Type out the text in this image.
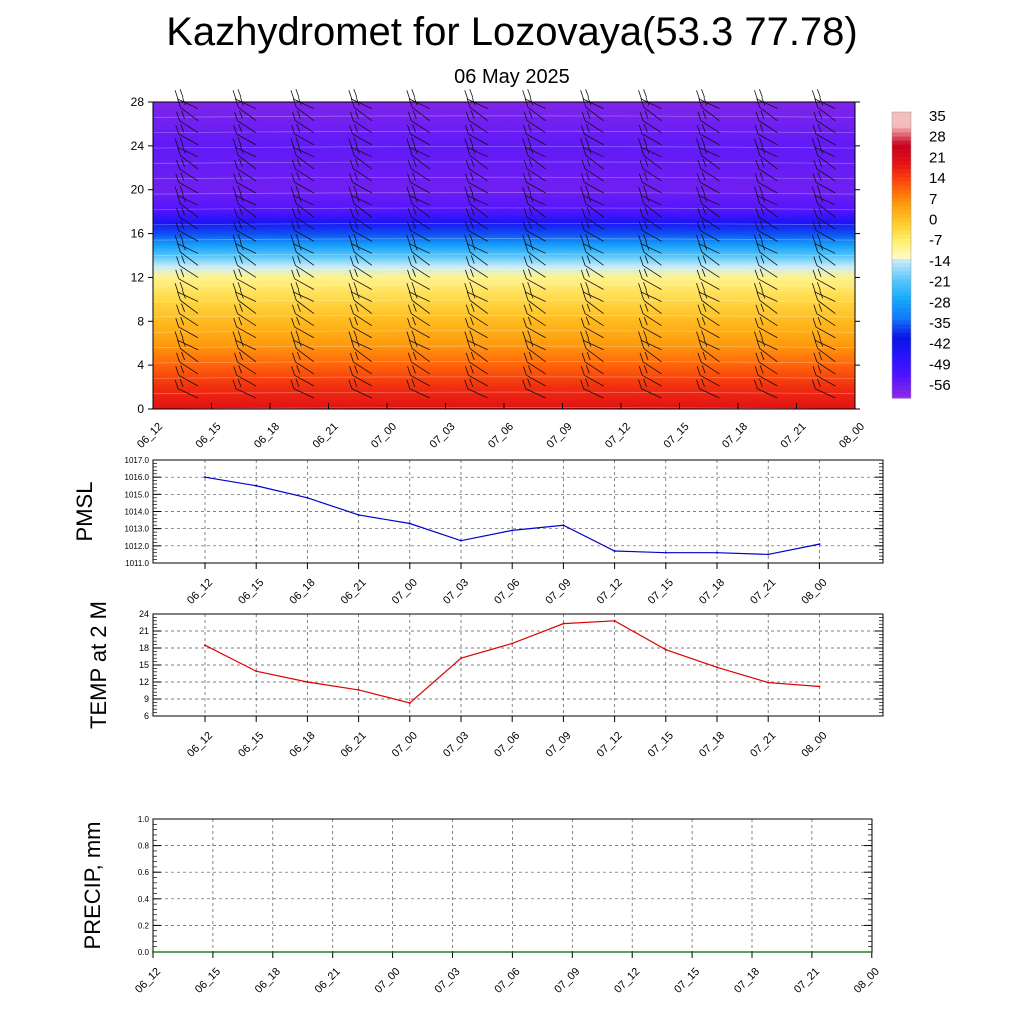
Kazhydromet for Lozovaya(53.3 77.78)
06 May 2025
0
4
8
12
16
20
24
28
06_12	06_15	06_18	06_21	07_00	07_03	07_06	07_09	07_12	07_15	07_18	07_21	08_00
35
28
21
14
7
0
-7
-14
-21
-28
-35
-42
-49
-56
1011.0
1012.0
1013.0
1014.0
1015.0
1016.0
1017.0
06_12 06_15 06_18 06_21 07_00 07_03 07_06 07_09 07_12 07_15 07_18 07_21 08_00
PMSL
6
9
12
15
18
21
24
06_12 06_15 06_18 06_21 07_00 07_03 07_06 07_09 07_12 07_15 07_18 07_21 08_00
TEMP at 2 M
0.0
0.2
0.4
0.6
0.8
1.0
06_12	06_15	06_18	06_21	07_00	07_03	07_06	07_09	07_12	07_15	07_18	07_21	08_00
PRECIP, mm
